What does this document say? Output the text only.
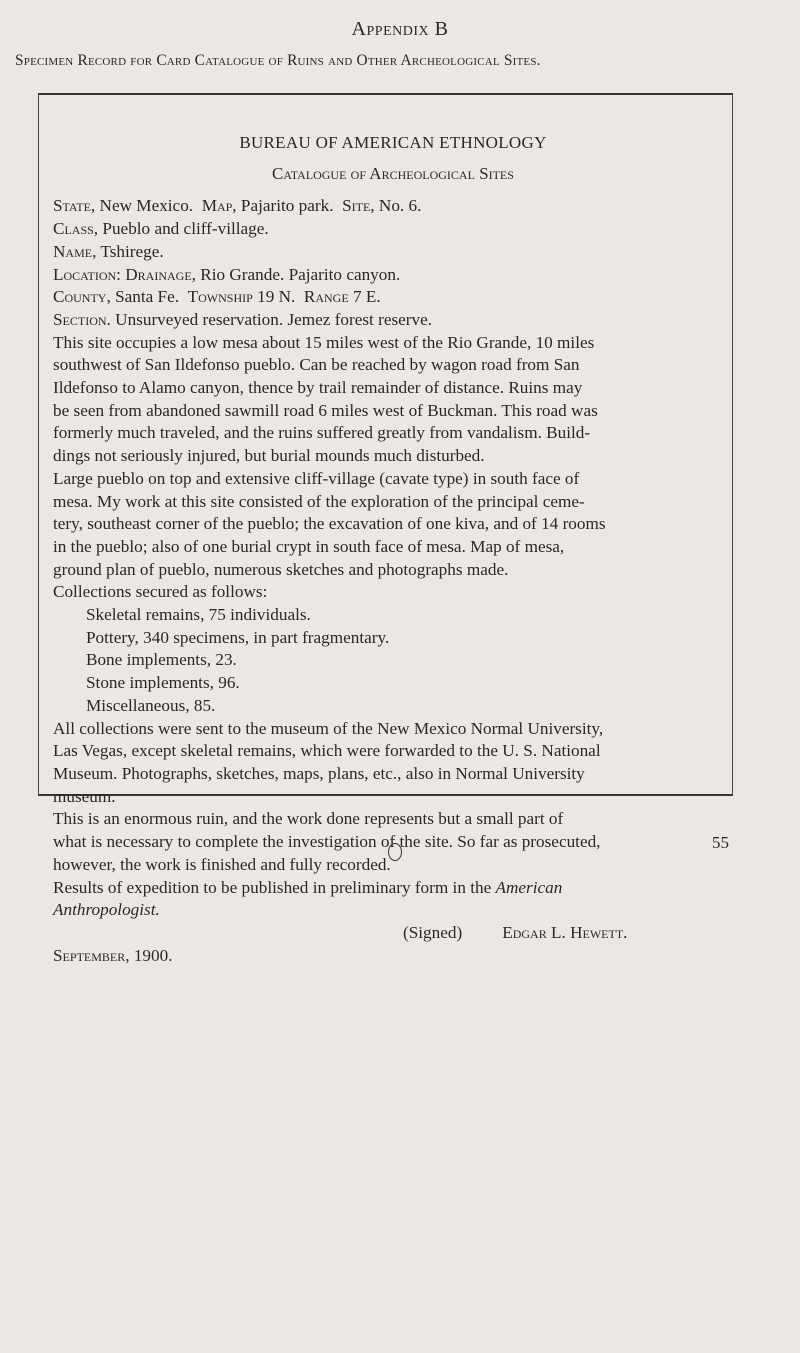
Appendix B
Specimen Record for Card Catalogue of Ruins and Other Archeological Sites.
BUREAU OF AMERICAN ETHNOLOGY
Catalogue of Archeological Sites
State, New Mexico. Map, Pajarito park. Site, No. 6.
Class, Pueblo and cliff-village.
Name, Tshirege.
Location: Drainage, Rio Grande. Pajarito canyon.
County, Santa Fe. Township 19 N. Range 7 E.
Section. Unsurveyed reservation. Jemez forest reserve.
This site occupies a low mesa about 15 miles west of the Rio Grande, 10 miles
southwest of San Ildefonso pueblo. Can be reached by wagon road from San
Ildefonso to Alamo canyon, thence by trail remainder of distance. Ruins may
be seen from abandoned sawmill road 6 miles west of Buckman. This road was
formerly much traveled, and the ruins suffered greatly from vandalism. Build-
dings not seriously injured, but burial mounds much disturbed.
Large pueblo on top and extensive cliff-village (cavate type) in south face of
mesa. My work at this site consisted of the exploration of the principal ceme-
tery, southeast corner of the pueblo; the excavation of one kiva, and of 14 rooms
in the pueblo; also of one burial crypt in south face of mesa. Map of mesa,
ground plan of pueblo, numerous sketches and photographs made.
Collections secured as follows:
Skeletal remains, 75 individuals.
Pottery, 340 specimens, in part fragmentary.
Bone implements, 23.
Stone implements, 96.
Miscellaneous, 85.
All collections were sent to the museum of the New Mexico Normal University,
Las Vegas, except skeletal remains, which were forwarded to the U. S. National
Museum. Photographs, sketches, maps, plans, etc., also in Normal University
museum.
This is an enormous ruin, and the work done represents but a small part of
what is necessary to complete the investigation of the site. So far as prosecuted,
however, the work is finished and fully recorded.
Results of expedition to be published in preliminary form in the American
Anthropologist.
(Signed) Edgar L. Hewett.
September, 1900.
55
